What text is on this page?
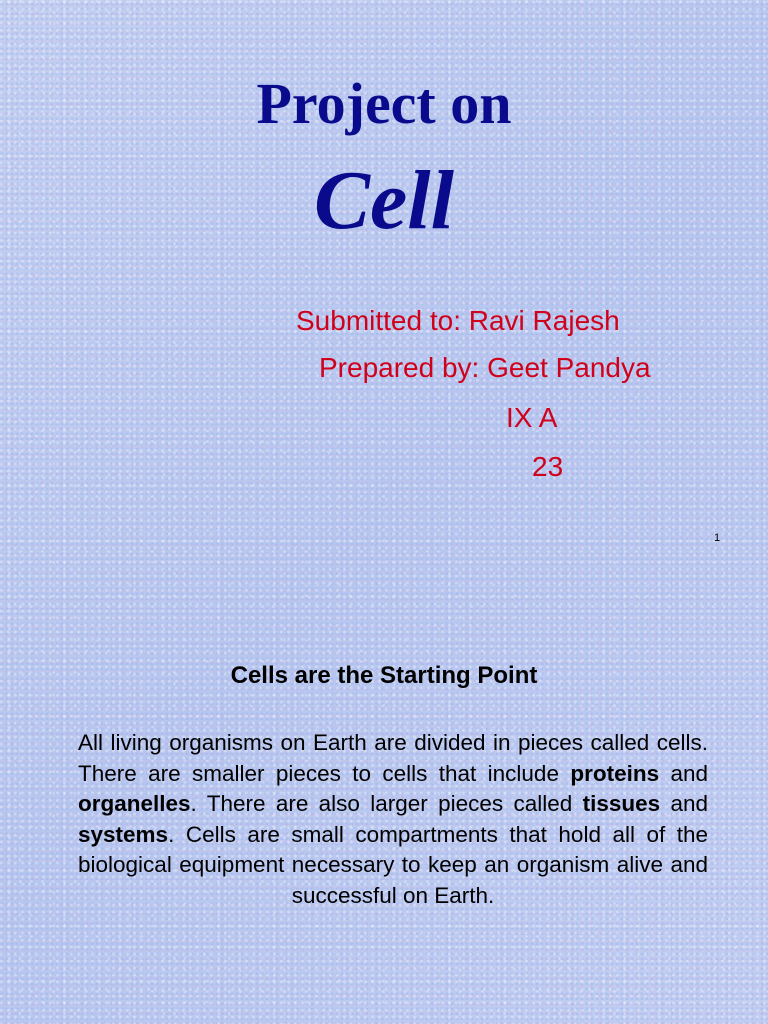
Project on
Cell
Submitted to: Ravi Rajesh
Prepared by: Geet Pandya
IX A
23
1
Cells are the Starting Point
All living organisms on Earth are divided in pieces called cells. There are smaller pieces to cells that include proteins and organelles. There are also larger pieces called tissues and systems. Cells are small compartments that hold all of the biological equipment necessary to keep an organism alive and successful on Earth.
